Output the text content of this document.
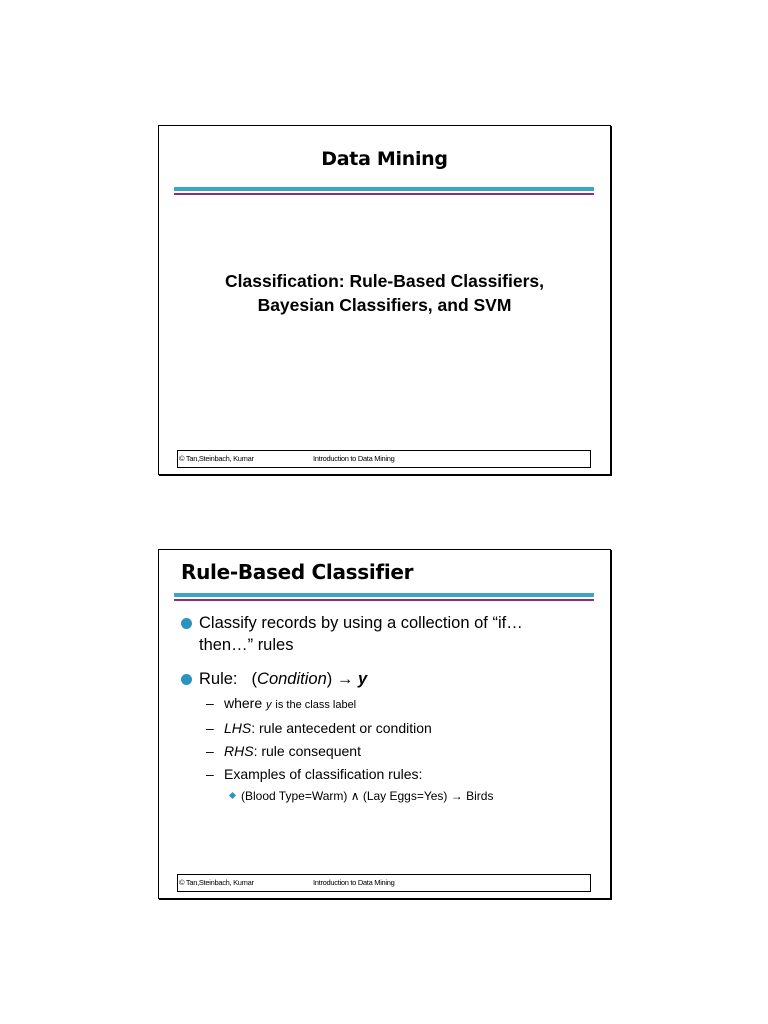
Data Mining
Classification: Rule-Based Classifiers,
Bayesian Classifiers, and SVM
© Tan,Steinbach, Kumar	Introduction to Data Mining
Rule-Based Classifier
Classify records by using a collection of “if…
then…” rules
Rule: (Condition) → y
– where y is the class label
– LHS: rule antecedent or condition
– RHS: rule consequent
– Examples of classification rules:
(Blood Type=Warm) ∧ (Lay Eggs=Yes) → Birds
© Tan,Steinbach, Kumar	Introduction to Data Mining
